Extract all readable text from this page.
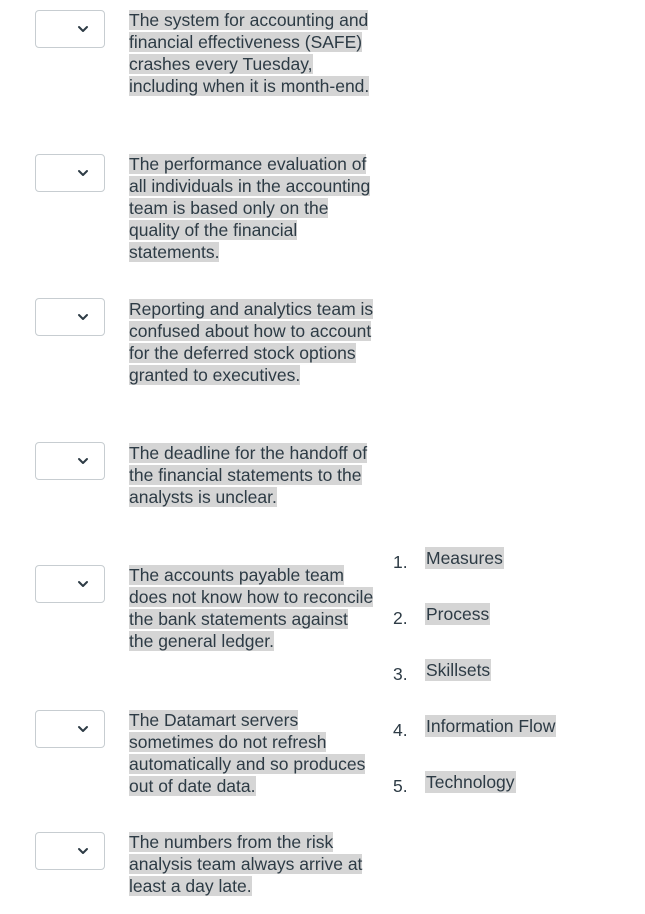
The system for accounting and financial effectiveness (SAFE) crashes every Tuesday, including when it is month-end.

The performance evaluation of all individuals in the accounting team is based only on the quality of the financial statements.

Reporting and analytics team is confused about how to account for the deferred stock options granted to executives.

The deadline for the handoff of the financial statements to the analysts is unclear.

The accounts payable team does not know how to reconcile the bank statements against the general ledger.

The Datamart servers sometimes do not refresh automatically and so produces out of date data.

The numbers from the risk analysis team always arrive at least a day late.

1. Measures
2. Process
3. Skillsets
4. Information Flow
5. Technology
